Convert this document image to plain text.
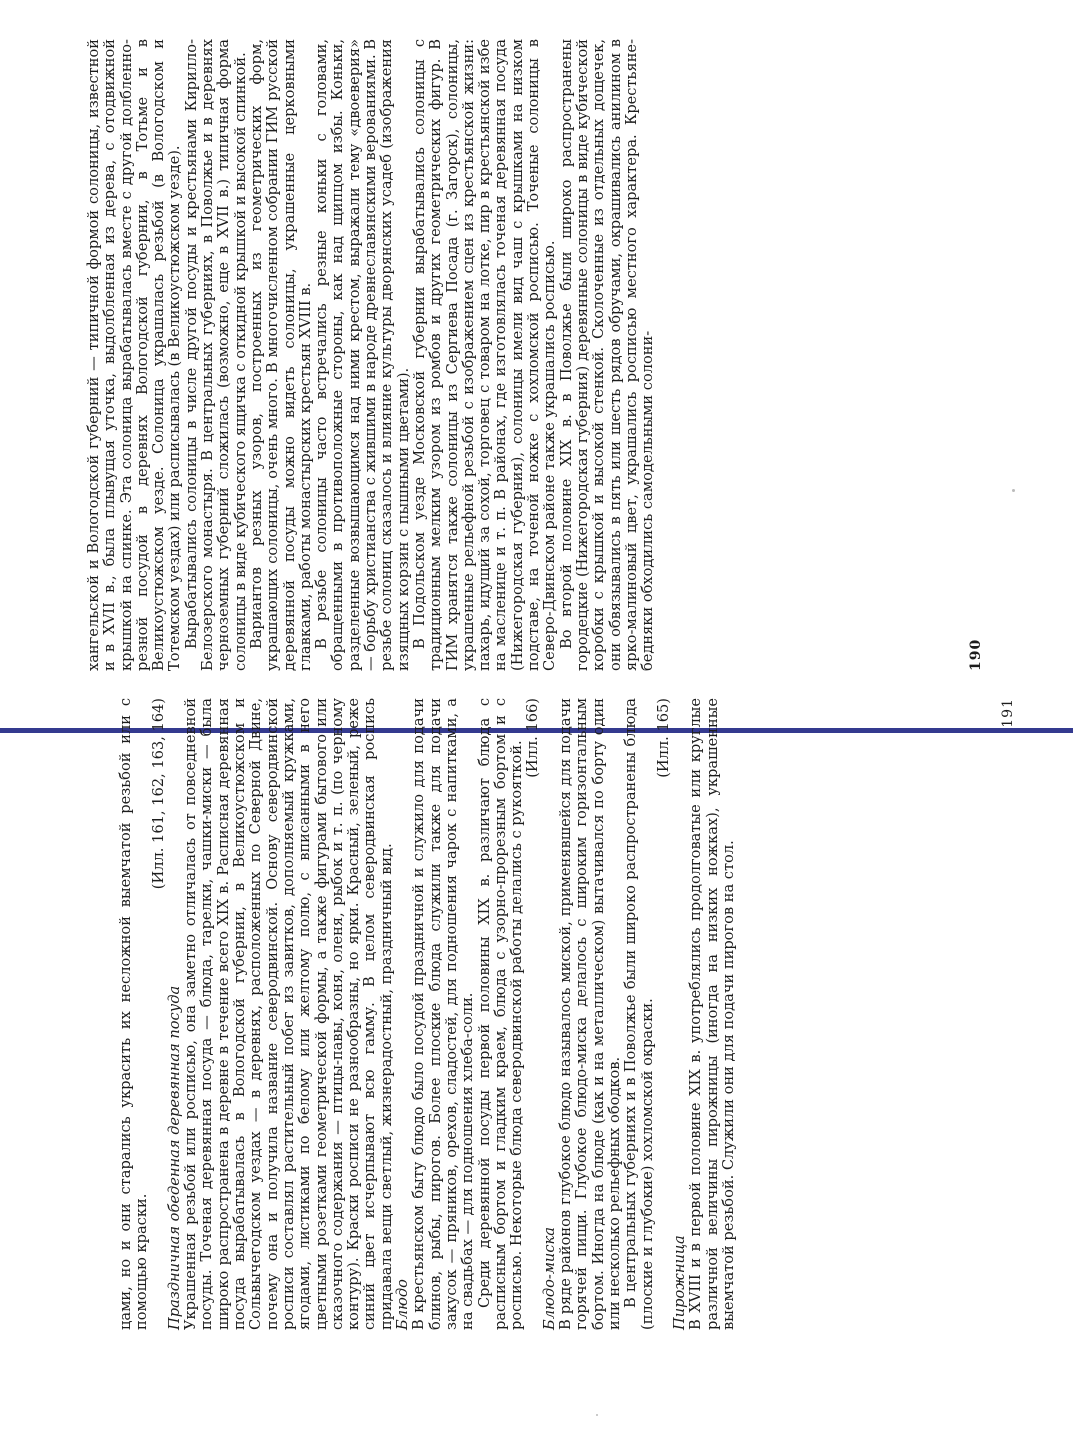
хангельской и Вологодской губерний — типичной формой солоницы, известной и в XVII в., была плывущая уточка, выдолбленная из дерева, с отодвижной крышкой на спинке. Эта солоница вырабатывалась вместе с другой долбленно-резной посудой в деревнях Вологодской губернии, в Тотьме и в Великоустюжском уезде. Солоница украшалась резьбой (в Вологодском и Тотемском уездах) или расписывалась (в Великоустюжском уезде). Вырабатывались солоницы в числе другой посуды и крестьянами Кирилло-Белозерского монастыря. В центральных губерниях, в Поволжье и в деревнях черноземных губерний сложилась (возможно, еще в XVII в.) типичная форма солоницы в виде кубического ящичка с откидной крышкой и высокой спинкой. Вариантов резных узоров, построенных из геометрических форм, украшающих солоницы, очень много. В многочисленном собрании ГИМ русской деревянной посуды можно видеть солоницы, украшенные церковными главками, работы монастырских крестьян XVIII в. В резьбе солоницы часто встречались резные коньки с головами, обращенными в противоположные стороны, как над щипцом избы. Коньки, разделенные возвышающимся над ними крестом, выражали тему «двоеверия» — борьбу христианства с жившими в народе древнеславянскими верованиями. В резьбе солониц сказалось и влияние культуры дворянских усадеб (изображения изящных корзин с пышными цветами). В Подольском уезде Московской губернии вырабатывались солоницы с традиционным мелким узором из ромбов и других геометрических фигур. В ГИМ хранятся также солоницы из Сергиева Посада (г. Загорск), солоницы, украшенные рельефной резьбой с изображением сцен из крестьянской жизни: пахарь, идущий за сохой, торговец с товаром на лотке, пир в крестьянской избе на масленице и т. п. В районах, где изготовлялась точеная деревянная посуда (Нижегородская губерния), солоницы имели вид чаш с крышками на низком подставе, на точеной ножке с хохломской росписью. Точеные солоницы в Северо-Двинском районе также украшались росписью. Во второй половине XIX в. в Поволжье были широко распространены городецкие (Нижегородская губерния) деревянные солоницы в виде кубической коробки с крышкой и высокой стенкой. Сколоченные из отдельных дощечек, они обвязывались в пять или шесть рядов обручами, окрашивались анилином в ярко-малиновый цвет, украшались росписью местного характера. Крестьяне-бедняки обходились самодельными солони-	190

цами, но и они старались украсить их несложной выемчатой резьбой или с помощью краски.

(Илл. 161, 162, 163, 164)

Праздничная обеденная деревянная посуда Украшенная резьбой или росписью, она заметно отличалась от повседневной посуды. Точеная деревянная посуда — блюда, тарелки, чашки-миски — была широко распространена в деревне в течение всего XIX в. Расписная деревянная посуда вырабатывалась в Вологодской губернии, в Великоустюжском и Сольвычегодском уездах — в деревнях, расположенных по Северной Двине, почему она и получила название северодвинской. Основу северодвинской росписи составлял растительный побег из завитков, дополняемый кружками, ягодами, листиками по белому или желтому полю, с вписанными в него цветными розетками геометрической формы, а также фигурами бытового или сказочного содержания — птицы-павы, коня, оленя, рыбок и т. п. (по черному контуру). Краски росписи не разнообразны, но ярки. Красный, зеленый, реже синий цвет исчерпывают всю гамму. В целом северодвинская роспись придавала вещи светлый, жизнерадостный, праздничный вид. Блюдо В крестьянском быту блюдо было посудой праздничной и служило для подачи блинов, рыбы, пирогов. Более плоские блюда служили также для подачи закусок — пряников, орехов, сладостей, для подношения чарок с напитками, а на свадьбах — для подношения хлеба-соли. Среди деревянной посуды первой половины XIX в. различают блюда с расписным бортом и гладким краем, блюда с узорно-прорезным бортом и с росписью. Некоторые блюда северодвинской работы делались с рукояткой.

(Илл. 166)

Блюдо-миска В ряде районов глубокое блюдо называлось миской, применявшейся для подачи горячей пищи. Глубокое блюдо-миска делалось с широким горизонтальным бортом. Иногда на блюде (как и на металлическом) вытачивался по борту один или несколько рельефных ободков. В центральных губерниях и в Поволжье были широко распространены блюда (плоские и глубокие) хохломской окраски.

(Илл. 165)

Пирожница В XVIII и в первой половине XIX в. употреблялись продолговатые или круглые различной величины пирожницы (иногда на низких ножках), украшенные выемчатой резьбой. Служили они для подачи пирогов на стол.

191
